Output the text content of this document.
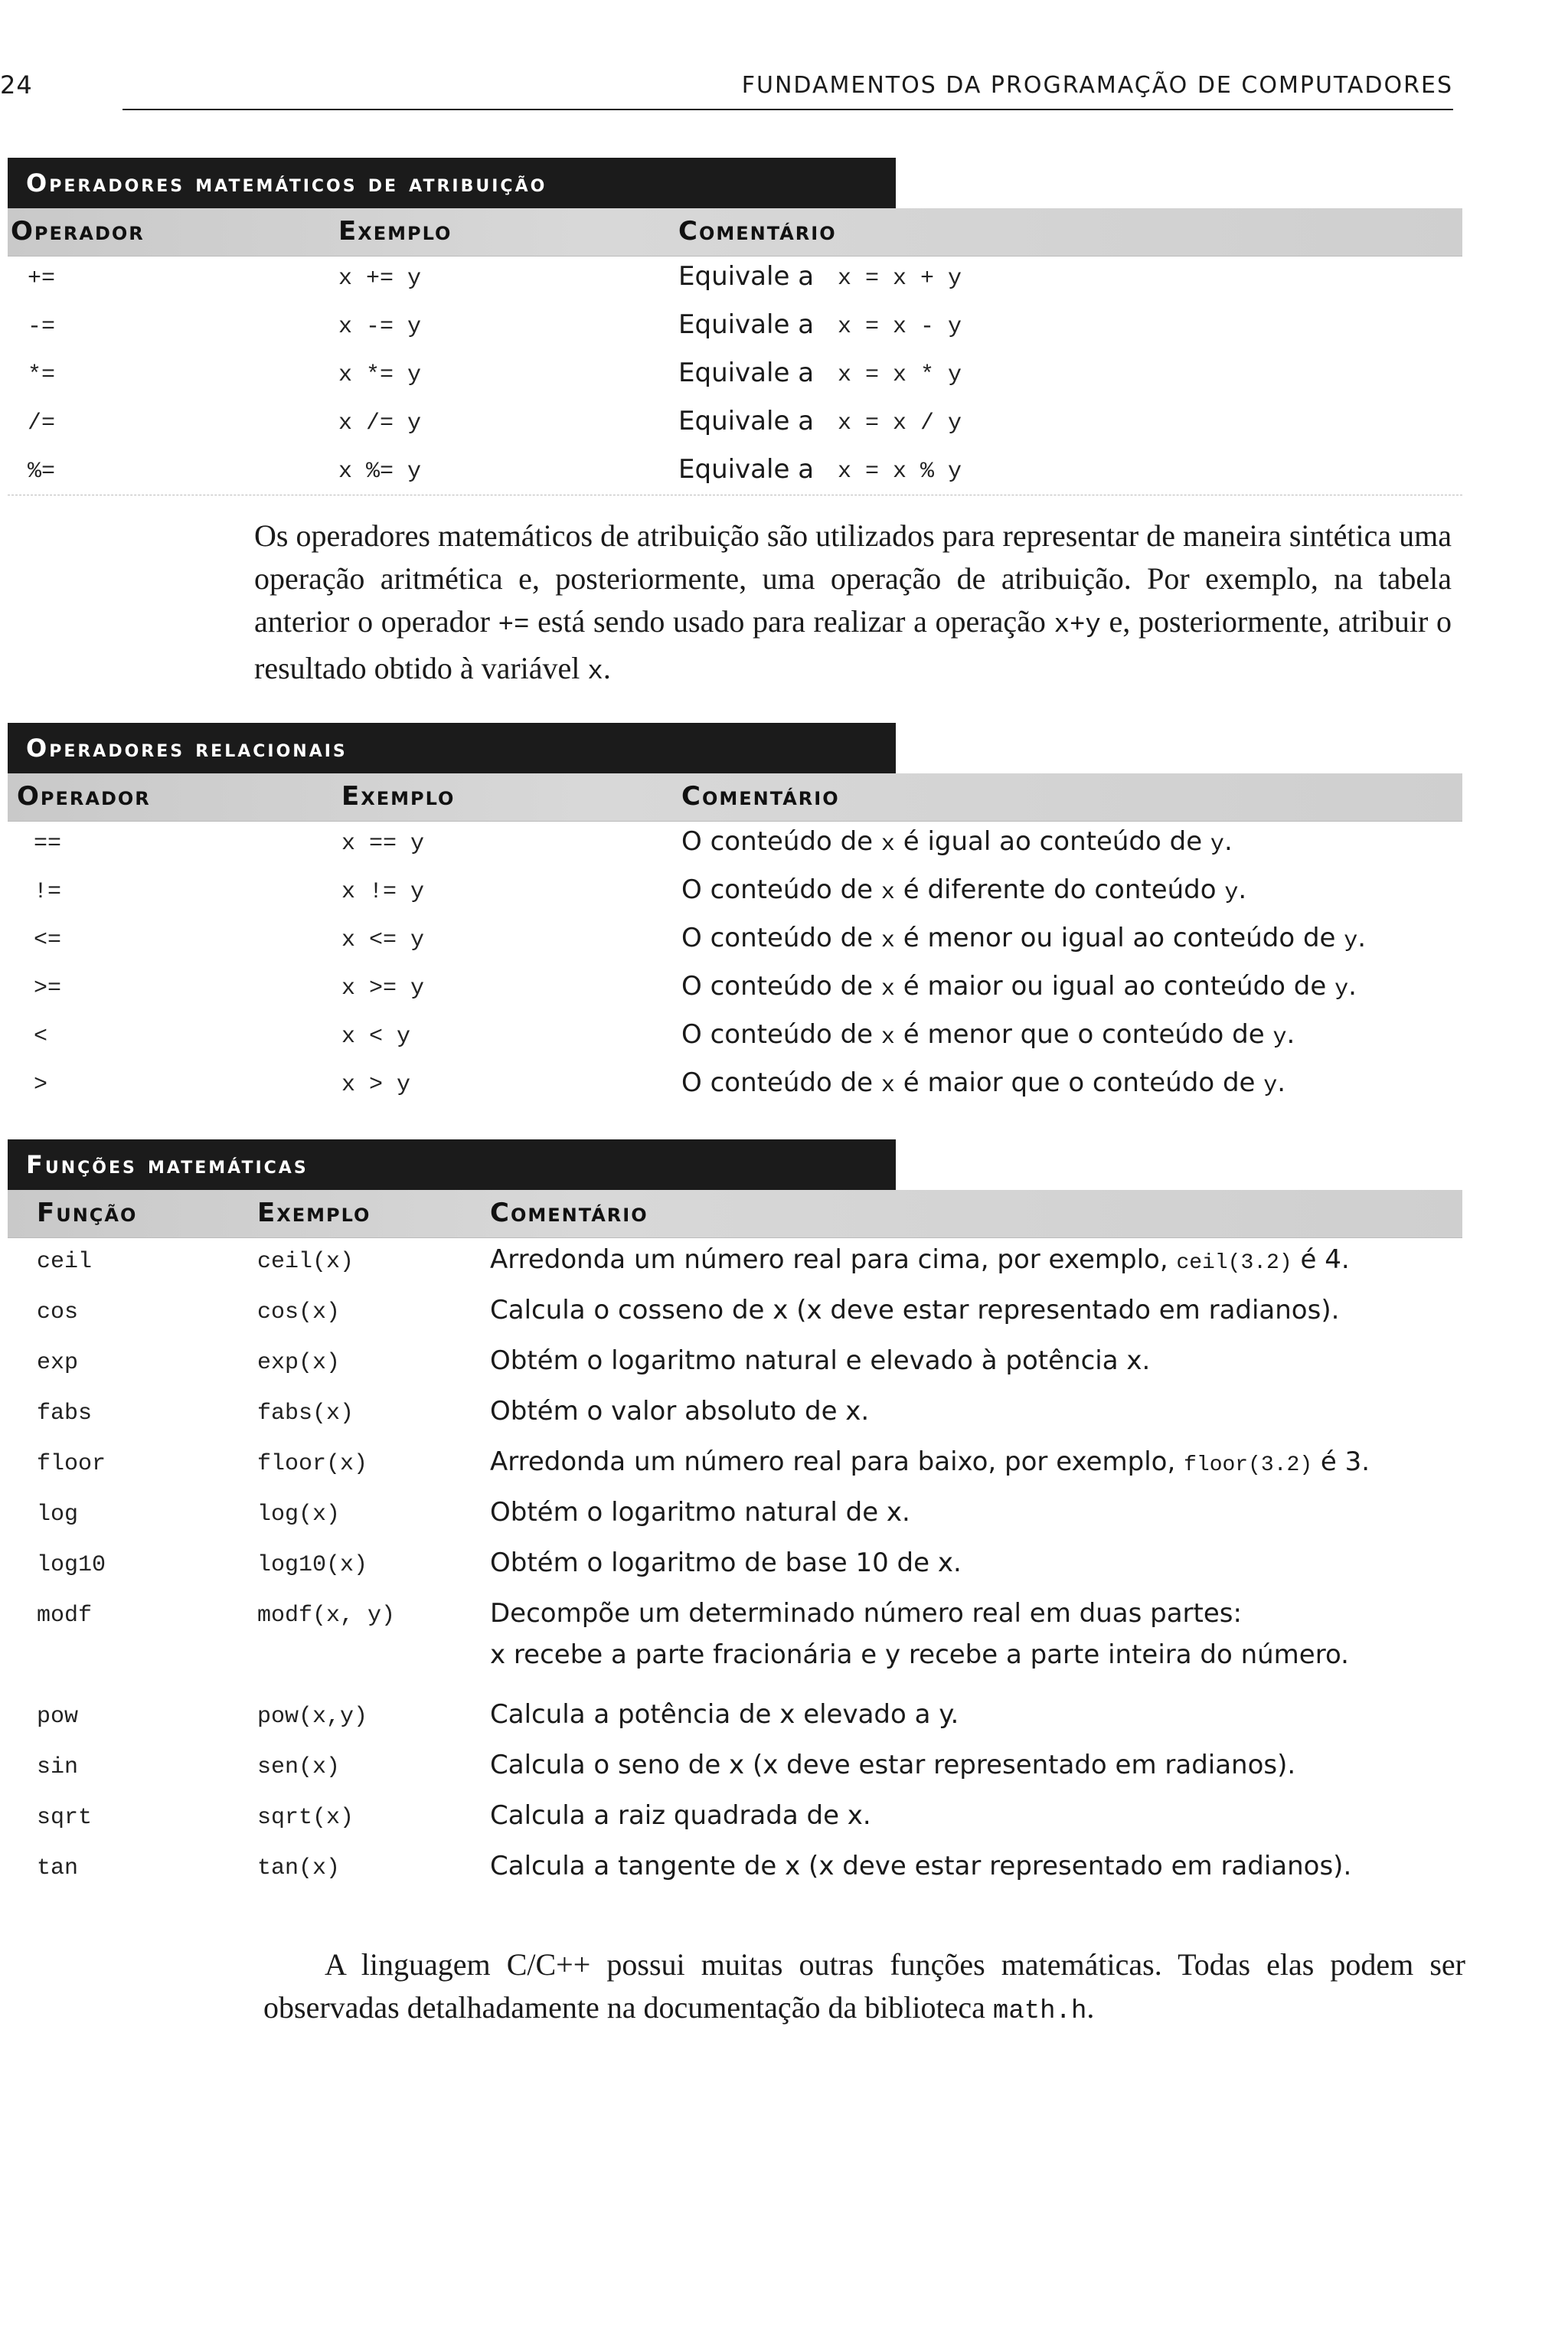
24	FUNDAMENTOS DA PROGRAMAÇÃO DE COMPUTADORES
Operadores matemáticos de atribuição
Operador	Exemplo	Comentário
+=	x += y	Equivale a x = x + y
-=	x -= y	Equivale a x = x - y
*=	x *= y	Equivale a x = x * y
/=	x /= y	Equivale a x = x / y
%=	x %= y	Equivale a x = x % y
Os operadores matemáticos de atribuição são utilizados para representar de maneira sintética uma operação aritmética e, posteriormente, uma operação de atribuição. Por exemplo, na tabela anterior o operador += está sendo usado para realizar a operação x+y e, posteriormente, atribuir o resultado obtido à variável x.
Operadores relacionais
Operador	Exemplo	Comentário
==	x == y	O conteúdo de x é igual ao conteúdo de y.
!=	x != y	O conteúdo de x é diferente do conteúdo y.
<=	x <= y	O conteúdo de x é menor ou igual ao conteúdo de y.
>=	x >= y	O conteúdo de x é maior ou igual ao conteúdo de y.
<	x < y	O conteúdo de x é menor que o conteúdo de y.
>	x > y	O conteúdo de x é maior que o conteúdo de y.
Funções matemáticas
Função	Exemplo	Comentário
ceil	ceil(x)	Arredonda um número real para cima, por exemplo, ceil(3.2) é 4.
cos	cos(x)	Calcula o cosseno de x (x deve estar representado em radianos).
exp	exp(x)	Obtém o logaritmo natural e elevado à potência x.
fabs	fabs(x)	Obtém o valor absoluto de x.
floor	floor(x)	Arredonda um número real para baixo, por exemplo, floor(3.2) é 3.
log	log(x)	Obtém o logaritmo natural de x.
log10	log10(x)	Obtém o logaritmo de base 10 de x.
modf	modf(x, y)	Decompõe um determinado número real em duas partes:
x recebe a parte fracionária e y recebe a parte inteira do número.
pow	pow(x,y)	Calcula a potência de x elevado a y.
sin	sen(x)	Calcula o seno de x (x deve estar representado em radianos).
sqrt	sqrt(x)	Calcula a raiz quadrada de x.
tan	tan(x)	Calcula a tangente de x (x deve estar representado em radianos).
A linguagem C/C++ possui muitas outras funções matemáticas. Todas elas podem ser observadas detalhadamente na documentação da biblioteca math.h.
